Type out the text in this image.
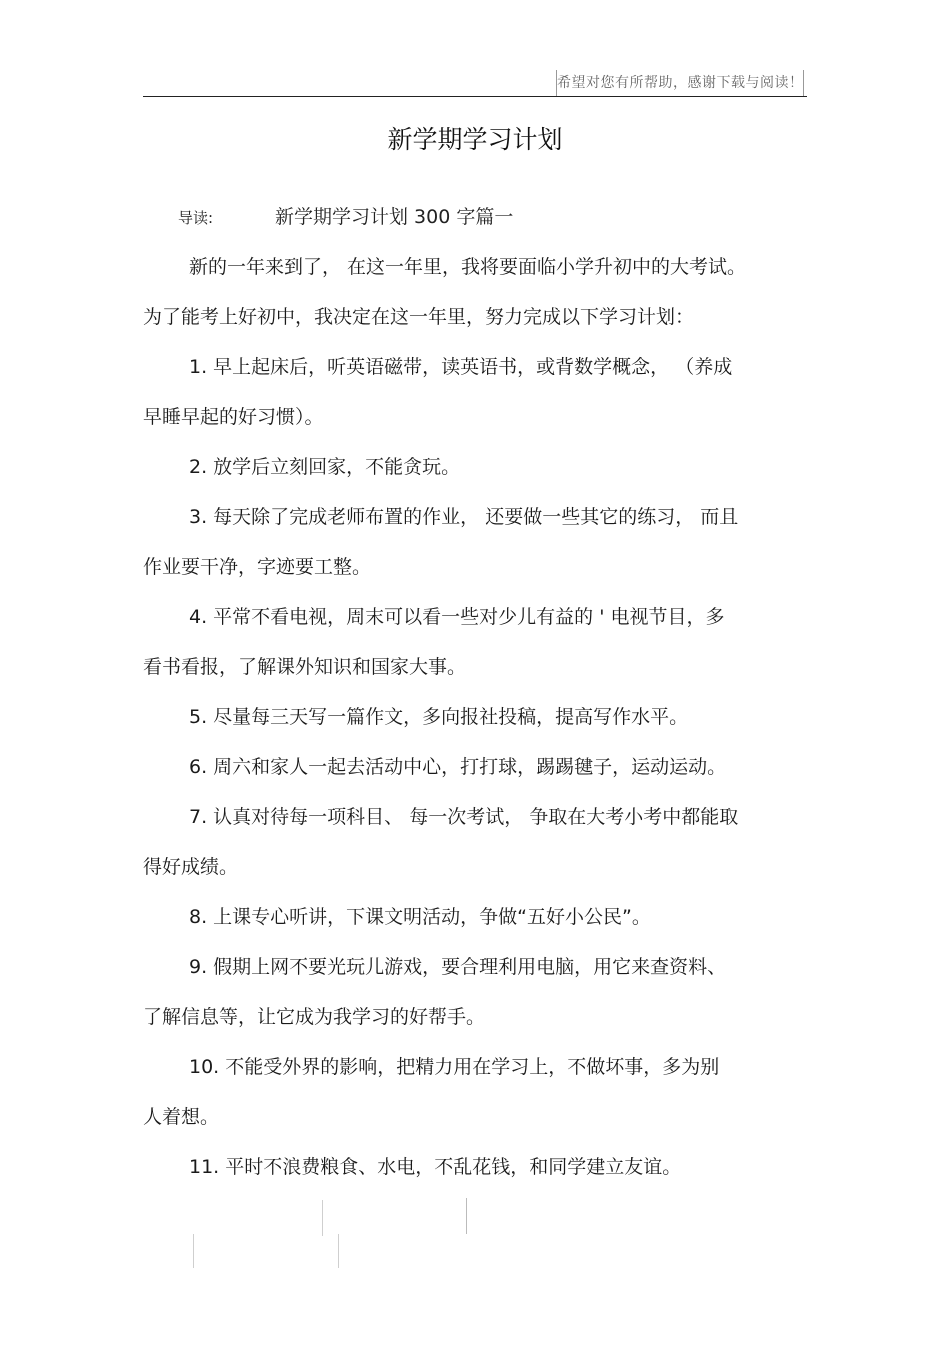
希望对您有所帮助，感谢下载与阅读！
新学期学习计划
导读:	新学期学习计划 300 字篇一
新的一年来到了， 在这一年里，我将要面临小学升初中的大考试。
为了能考上好初中，我决定在这一年里，努力完成以下学习计划：
1. 早上起床后，听英语磁带，读英语书，或背数学概念， （养成
早睡早起的好习惯）。
2. 放学后立刻回家，不能贪玩。
3. 每天除了完成老师布置的作业， 还要做一些其它的练习， 而且
作业要干净，字迹要工整。
4. 平常不看电视，周末可以看一些对少儿有益的 ' 电视节目，多
看书看报，了解课外知识和国家大事。
5. 尽量每三天写一篇作文，多向报社投稿，提高写作水平。
6. 周六和家人一起去活动中心，打打球，踢踢毽子，运动运动。
7. 认真对待每一项科目、 每一次考试， 争取在大考小考中都能取
得好成绩。
8. 上课专心听讲，下课文明活动，争做“五好小公民”。
9. 假期上网不要光玩儿游戏，要合理利用电脑，用它来查资料、
了解信息等，让它成为我学习的好帮手。
10. 不能受外界的影响，把精力用在学习上，不做坏事，多为别
人着想。
11. 平时不浪费粮食、水电，不乱花钱，和同学建立友谊。
